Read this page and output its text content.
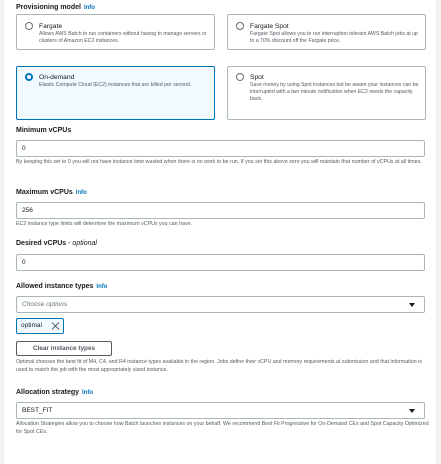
Provisioning model Info
Fargate
Allows AWS Batch to run containers without having to manage servers or clusters of Amazon EC2 instances.
Fargate Spot
Fargate Spot allows you to run interruption tolerant AWS Batch jobs at up to a 70% discount off the Fargate price.
On-demand
Elastic Compute Cloud (EC2) instances that are billed per second.
Spot
Save money by using Spot instances but be aware your instances can be interrupted with a two minute notification when EC2 needs the capacity back.
Minimum vCPUs
0
By keeping this set to 0 you will not have instance time wasted when there is no work to be run. If you set this above zero you will maintain that number of vCPUs at all times.
Maximum vCPUs Info
256
EC2 instance type limits will determine the maximum vCPUs you can have.
Desired vCPUs - optional
0
Allowed instance types Info
Choose options
optimal
Clear instance types
Optimal chooses the best fit of M4, C4, and R4 instance types available in the region. Jobs define their vCPU and memory requirements at submission and that information is used to match the job with the most appropriately sized instance.
Allocation strategy Info
BEST_FIT
Allocation Strategies allow you to choose how Batch launches instances on your behalf. We recommend Best Fit Progressive for On-Demand CEs and Spot Capacity Optimized for Spot CEs.
